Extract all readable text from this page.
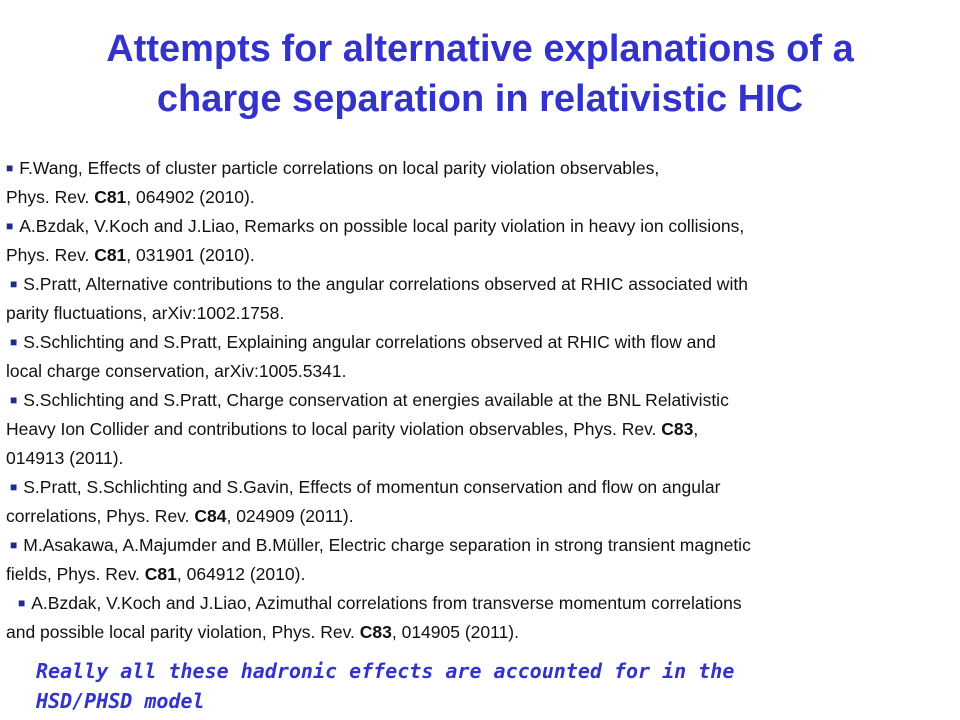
Attempts for alternative explanations of a
charge separation in relativistic HIC
■ F.Wang, Effects of cluster particle correlations on local parity violation observables,
Phys. Rev. C81, 064902 (2010).
■ A.Bzdak, V.Koch and J.Liao, Remarks on possible local parity violation in heavy ion collisions,
Phys. Rev. C81, 031901 (2010).
■ S.Pratt, Alternative contributions to the angular correlations observed at RHIC associated with
parity fluctuations, arXiv:1002.1758.
■ S.Schlichting and S.Pratt, Explaining angular correlations observed at RHIC with flow and
local charge conservation, arXiv:1005.5341.
■ S.Schlichting and S.Pratt, Charge conservation at energies available at the BNL Relativistic
Heavy Ion Collider and contributions to local parity violation observables, Phys. Rev. C83,
014913 (2011).
■ S.Pratt, S.Schlichting and S.Gavin, Effects of momentun conservation and flow on angular
correlations, Phys. Rev. C84, 024909 (2011).
■ M.Asakawa, A.Majumder and B.Müller, Electric charge separation in strong transient magnetic
fields, Phys. Rev. C81, 064912 (2010).
■ A.Bzdak, V.Koch and J.Liao, Azimuthal correlations from transverse momentum correlations
and possible local parity violation, Phys. Rev. C83, 014905 (2011).
Really all these hadronic effects are accounted for in the
HSD/PHSD model
